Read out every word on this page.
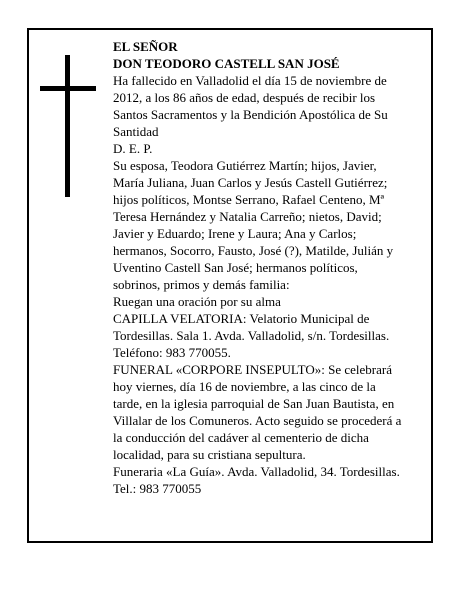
EL SEÑOR
DON TEODORO CASTELL SAN JOSÉ
Ha fallecido en Valladolid el día 15 de noviembre de
2012, a los 86 años de edad, después de recibir los
Santos Sacramentos y la Bendición Apostólica de Su
Santidad
D. E. P.
Su esposa, Teodora Gutiérrez Martín; hijos, Javier,
María Juliana, Juan Carlos y Jesús Castell Gutiérrez;
hijos políticos, Montse Serrano, Rafael Centeno, Mª
Teresa Hernández y Natalia Carreño; nietos, David;
Javier y Eduardo; Irene y Laura; Ana y Carlos;
hermanos, Socorro, Fausto, José (?), Matilde, Julián y
Uventino Castell San José; hermanos políticos,
sobrinos, primos y demás familia:
Ruegan una oración por su alma
CAPILLA VELATORIA: Velatorio Municipal de
Tordesillas. Sala 1. Avda. Valladolid, s/n. Tordesillas.
Teléfono: 983 770055.
FUNERAL «CORPORE INSEPULTO»: Se celebrará
hoy viernes, día 16 de noviembre, a las cinco de la
tarde, en la iglesia parroquial de San Juan Bautista, en
Villalar de los Comuneros. Acto seguido se procederá a
la conducción del cadáver al cementerio de dicha
localidad, para su cristiana sepultura.
Funeraria «La Guía». Avda. Valladolid, 34. Tordesillas.
Tel.: 983 770055
